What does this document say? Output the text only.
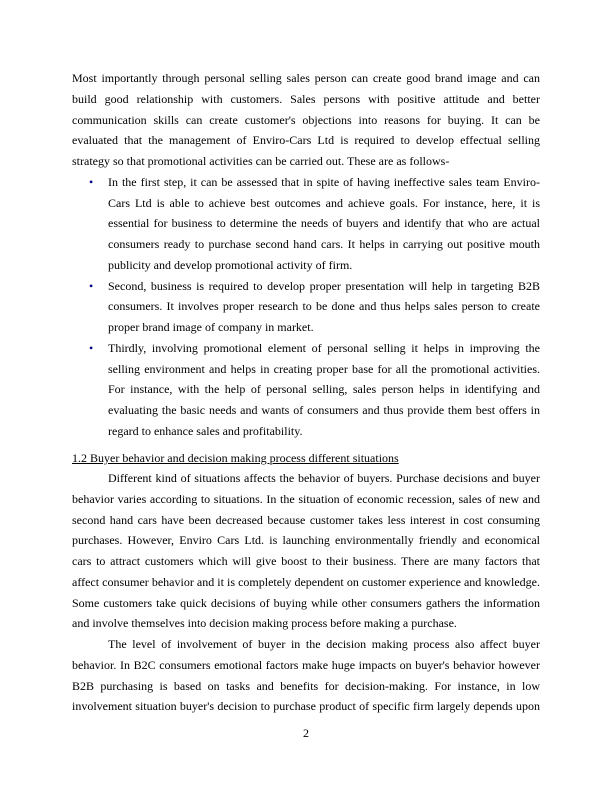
Most importantly through personal selling sales person can create good brand image and can
build good relationship with customers. Sales persons with positive attitude and better
communication skills can create customer's objections into reasons for buying. It can be
evaluated that the management of Enviro-Cars Ltd is required to develop effectual selling
strategy so that promotional activities can be carried out. These are as follows-
• In the first step, it can be assessed that in spite of having ineffective sales team Enviro-
Cars Ltd is able to achieve best outcomes and achieve goals. For instance, here, it is
essential for business to determine the needs of buyers and identify that who are actual
consumers ready to purchase second hand cars. It helps in carrying out positive mouth
publicity and develop promotional activity of firm.
• Second, business is required to develop proper presentation will help in targeting B2B
consumers. It involves proper research to be done and thus helps sales person to create
proper brand image of company in market.
• Thirdly, involving promotional element of personal selling it helps in improving the
selling environment and helps in creating proper base for all the promotional activities.
For instance, with the help of personal selling, sales person helps in identifying and
evaluating the basic needs and wants of consumers and thus provide them best offers in
regard to enhance sales and profitability.
1.2 Buyer behavior and decision making process different situations
Different kind of situations affects the behavior of buyers. Purchase decisions and buyer
behavior varies according to situations. In the situation of economic recession, sales of new and
second hand cars have been decreased because customer takes less interest in cost consuming
purchases. However, Enviro Cars Ltd. is launching environmentally friendly and economical
cars to attract customers which will give boost to their business. There are many factors that
affect consumer behavior and it is completely dependent on customer experience and knowledge.
Some customers take quick decisions of buying while other consumers gathers the information
and involve themselves into decision making process before making a purchase.
The level of involvement of buyer in the decision making process also affect buyer
behavior. In B2C consumers emotional factors make huge impacts on buyer's behavior however
B2B purchasing is based on tasks and benefits for decision-making. For instance, in low
involvement situation buyer's decision to purchase product of specific firm largely depends upon
2
